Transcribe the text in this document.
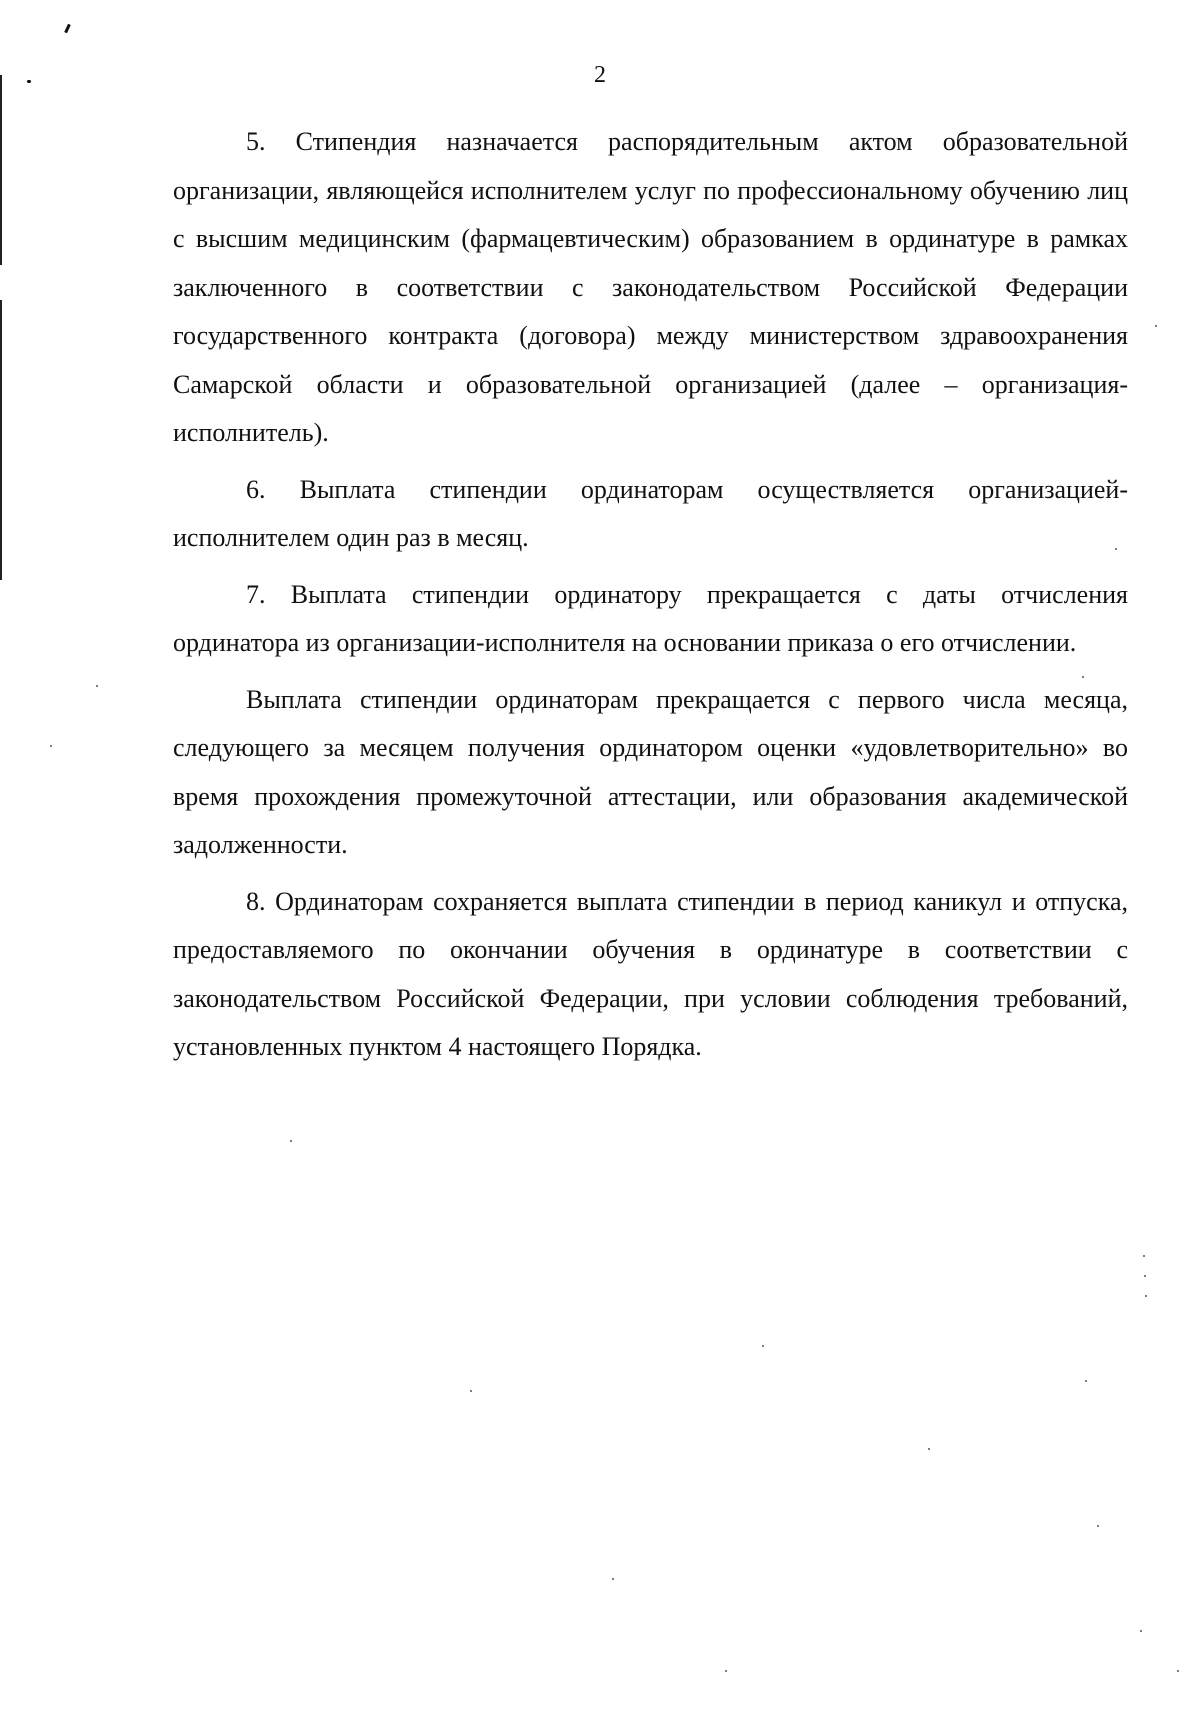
2

5. Стипендия назначается распорядительным актом образовательной организации, являющейся исполнителем услуг по профессиональному обучению лиц с высшим медицинским (фармацевтическим) образованием в ординатуре в рамках заключенного в соответствии с законодательством Российской Федерации государственного контракта (договора) между министерством здравоохранения Самарской области и образовательной организацией (далее – организация-исполнитель).

6. Выплата стипендии ординаторам осуществляется организацией-исполнителем один раз в месяц.

7. Выплата стипендии ординатору прекращается с даты отчисления ординатора из организации-исполнителя на основании приказа о его отчислении.

Выплата стипендии ординаторам прекращается с первого числа месяца, следующего за месяцем получения ординатором оценки «удовлетворительно» во время прохождения промежуточной аттестации, или образования академической задолженности.

8. Ординаторам сохраняется выплата стипендии в период каникул и отпуска, предоставляемого по окончании обучения в ординатуре в соответствии с законодательством Российской Федерации, при условии соблюдения требований, установленных пунктом 4 настоящего Порядка.
